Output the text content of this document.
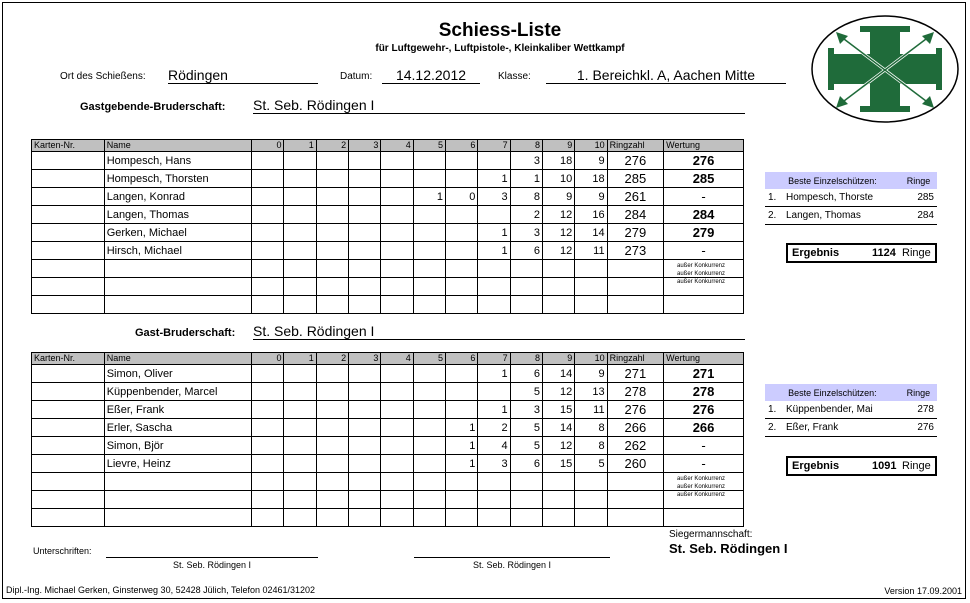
Schiess-Liste
für Luftgewehr-, Luftpistole-, Kleinkaliber Wettkampf
Ort des Schießens: Rödingen	Datum:	14.12.2012	Klasse:	1. Bereichkl. A, Aachen Mitte
Gastgebende-Bruderschaft: St. Seb. Rödingen I
Karten-Nr.	Name	0	1	2	3	4	5	6	7	8	9	10	Ringzahl	Wertung
	Hompesch, Hans									3	18	9	276	276
	Hompesch, Thorsten								1	1	10	18	285	285
	Langen, Konrad						1	0	3	8	9	9	261	-
	Langen, Thomas									2	12	16	284	284
	Gerken, Michael								1	3	12	14	279	279
	Hirsch, Michael								1	6	12	11	273	-

außer Konkurrenz
außer Konkurrenz
außer Konkurrenz
Beste Einzelschützen:		Ringe
1.	Hompesch, Thorste	285
2.	Langen, Thomas	284
Ergebnis	1124 Ringe
Gast-Bruderschaft: St. Seb. Rödingen I
Karten-Nr.	Name	0	1	2	3	4	5	6	7	8	9	10	Ringzahl	Wertung
	Simon, Oliver								1	6	14	9	271	271
	Küppenbender, Marcel									5	12	13	278	278
	Eßer, Frank								1	3	15	11	276	276
	Erler, Sascha							1	2	5	14	8	266	266
	Simon, Björ							1	4	5	12	8	262	-
	Lievre, Heinz							1	3	6	15	5	260	-

außer Konkurrenz
außer Konkurrenz
außer Konkurrenz
Beste Einzelschützen:		Ringe
1.	Küppenbender, Mai	278
2.	Eßer, Frank	276
Ergebnis	1091 Ringe
Siegermannschaft:
St. Seb. Rödingen I
Unterschriften:
St. Seb. Rödingen I	St. Seb. Rödingen I
Dipl.-Ing. Michael Gerken, Ginsterweg 30, 52428 Jülich, Telefon 02461/31202	Version 17.09.2001
